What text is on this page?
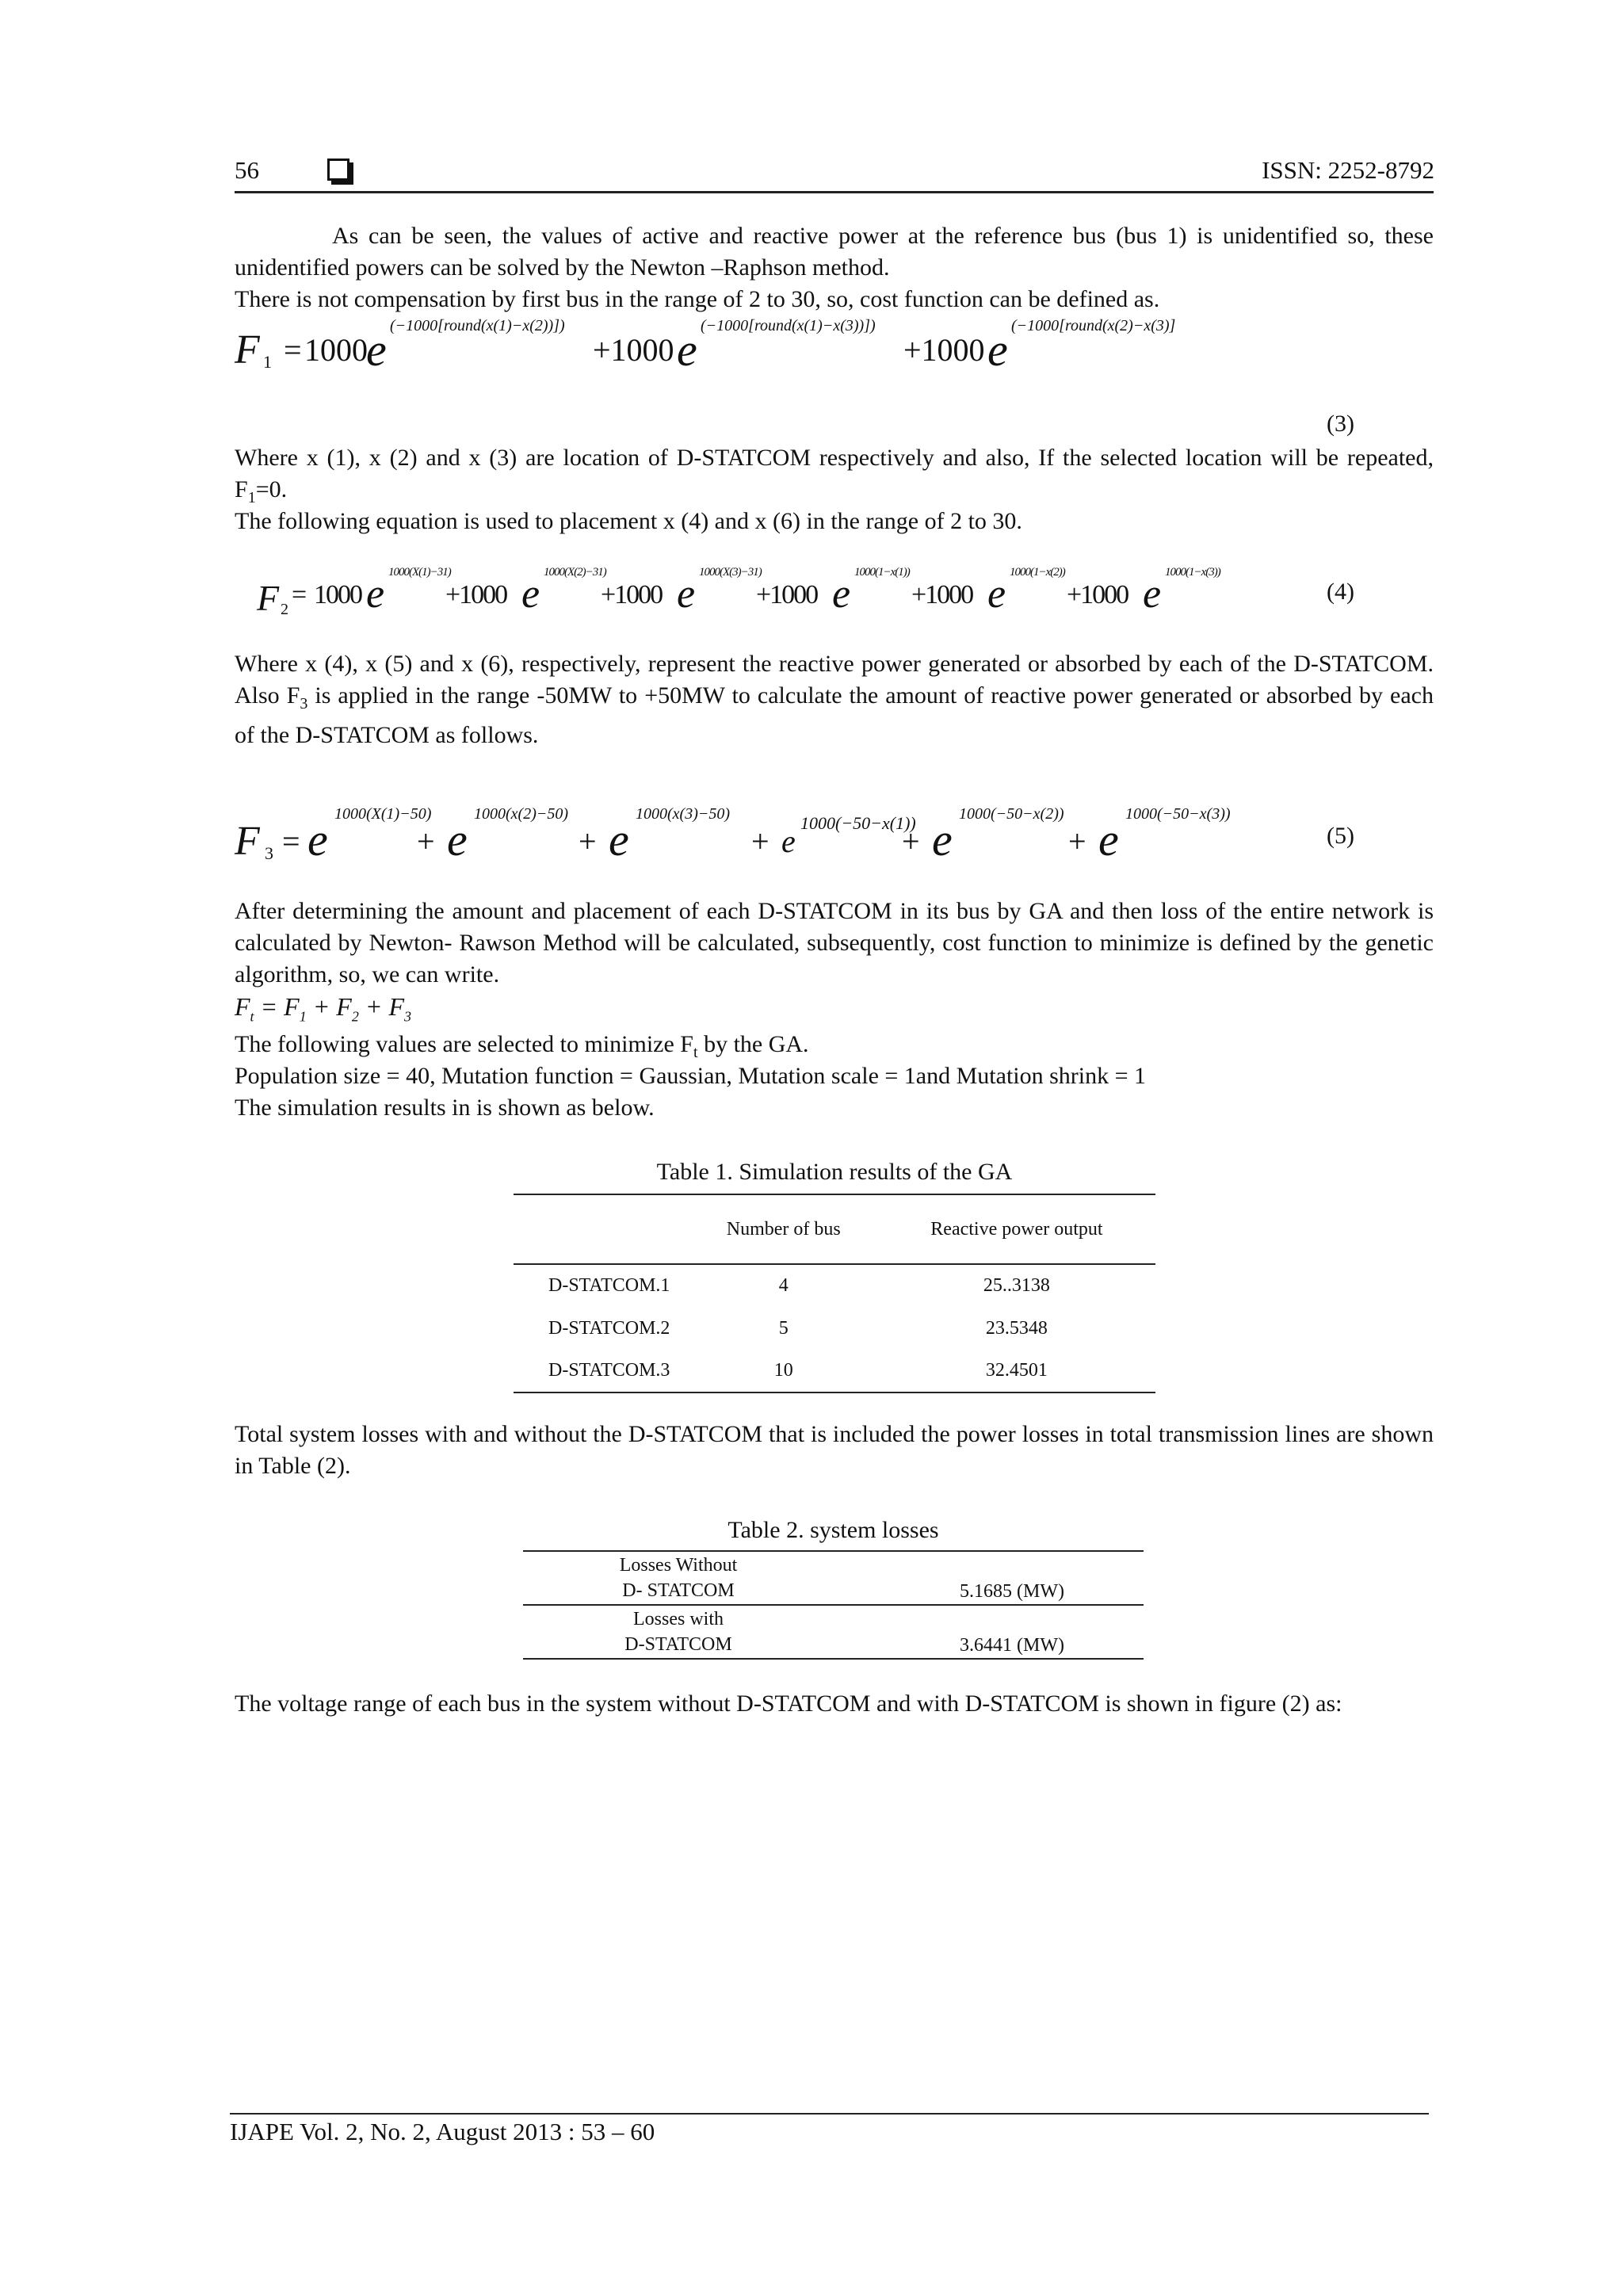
56	ISSN: 2252-8792

As can be seen, the values of active and reactive power at the reference bus (bus 1) is unidentified so, these unidentified powers can be solved by the Newton –Raphson method.

There is not compensation by first bus in the range of 2 to 30, so, cost function can be defined as.
F 1 = 1000
e (−1000[round(x(1)−x(2))])
+1000 e (−1000[round(x(1)−x(3))])
+1000 e (−1000[round(x(2)−x(3)]
(3)

Where x (1), x (2) and x (3) are location of D-STATCOM respectively and also, If the selected location will be repeated, $F_1=0$.

The following equation is used to placement x (4) and x (6) in the range of 2 to 30.
F 2 = 1000 e 1000(X(1)−31)
+1000 e 1000(X(2)−31)
+1000 e 1000(X(3)−31)
+1000 e 1000(1−x(1))
+1000 e 1000(1−x(2))
+1000 e 1000(1−x(3))
(4)

Where x (4), x (5) and x (6), respectively, represent the reactive power generated or absorbed by each of the D-STATCOM. Also $F_3$ is applied in the range -50MW to +50MW to calculate the amount of reactive power generated or absorbed by each of the D-STATCOM as follows.

F 3 = e 1000(X(1)−50)
+ e 1000(x(2)−50)
+ e 1000(x(3)−50)
+ e
1000(−50−x(1))
+ e 1000(−50−x(2))
+ e 1000(−50−x(3))
(5)

After determining the amount and placement of each D-STATCOM in its bus by GA and then loss of the entire network is calculated by Newton- Rawson Method will be calculated, subsequently, cost function to minimize is defined by the genetic algorithm, so, we can write.

$F_t = F_1 + F_2 + F_3$
The following values are selected to minimize $F_t$ by the GA.
Population size = 40, Mutation function = Gaussian, Mutation scale = 1and Mutation shrink = 1
The simulation results in is shown as below.
Table 1. Simulation results of the GA
	Number of bus	Reactive power output
D-STATCOM.1	4	25..3138
D-STATCOM.2	5	23.5348
D-STATCOM.3	10	32.4501

Total system losses with and without the D-STATCOM that is included the power losses in total transmission lines are shown in Table (2).

Table 2. system losses
Losses Without
D- STATCOM	5.1685 (MW)

Losses with
D-STATCOM	3.6441 (MW)

The voltage range of each bus in the system without D-STATCOM and with D-STATCOM is shown in figure (2) as:

IJAPE Vol. 2, No. 2, August 2013 : 53 – 60
